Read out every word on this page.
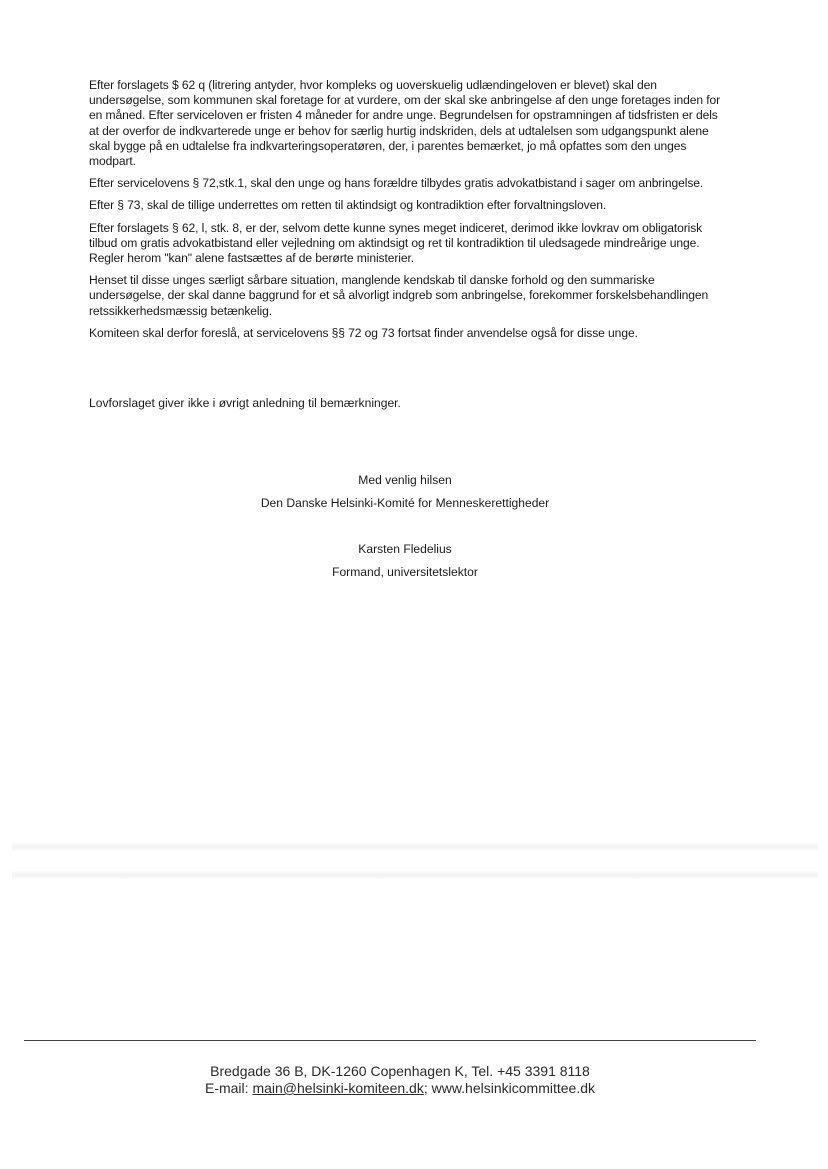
Efter forslagets $ 62 q (litrering antyder, hvor kompleks og uoverskuelig udlændingeloven er blevet) skal den undersøgelse, som kommunen skal foretage for at vurdere, om der skal ske anbringelse af den unge foretages inden for en måned. Efter serviceloven er fristen 4 måneder for andre unge. Begrundelsen for opstramningen af tidsfristen er dels at der overfor de indkvarterede unge er behov for særlig hurtig indskriden, dels at udtalelsen som udgangspunkt alene skal bygge på en udtalelse fra indkvarteringsoperatøren, der, i parentes bemærket, jo må opfattes som den unges modpart.

Efter servicelovens § 72,stk.1, skal den unge og hans forældre tilbydes gratis advokatbistand i sager om anbringelse.

Efter § 73, skal de tillige underrettes om retten til aktindsigt og kontradiktion efter forvaltningsloven.

Efter forslagets § 62, l, stk. 8, er der, selvom dette kunne synes meget indiceret, derimod ikke lovkrav om obligatorisk tilbud om gratis advokatbistand eller vejledning om aktindsigt og ret til kontradiktion til uledsagede mindreårige unge. Regler herom "kan" alene fastsættes af de berørte ministerier.

Henset til disse unges særligt sårbare situation, manglende kendskab til danske forhold og den summariske undersøgelse, der skal danne baggrund for et så alvorligt indgreb som anbringelse, forekommer forskelsbehandlingen retssikkerhedsmæssig betænkelig.

Komiteen skal derfor foreslå, at servicelovens §§ 72 og 73 fortsat finder anvendelse også for disse unge.

Lovforslaget giver ikke i øvrigt anledning til bemærkninger.

Med venlig hilsen

Den Danske Helsinki-Komité for Menneskerettigheder

Karsten Fledelius

Formand, universitetslektor

Bredgade 36 B, DK-1260 Copenhagen K, Tel. +45 3391 8118

E-mail: main@helsinki-komiteen.dk; www.helsinkicommittee.dk
